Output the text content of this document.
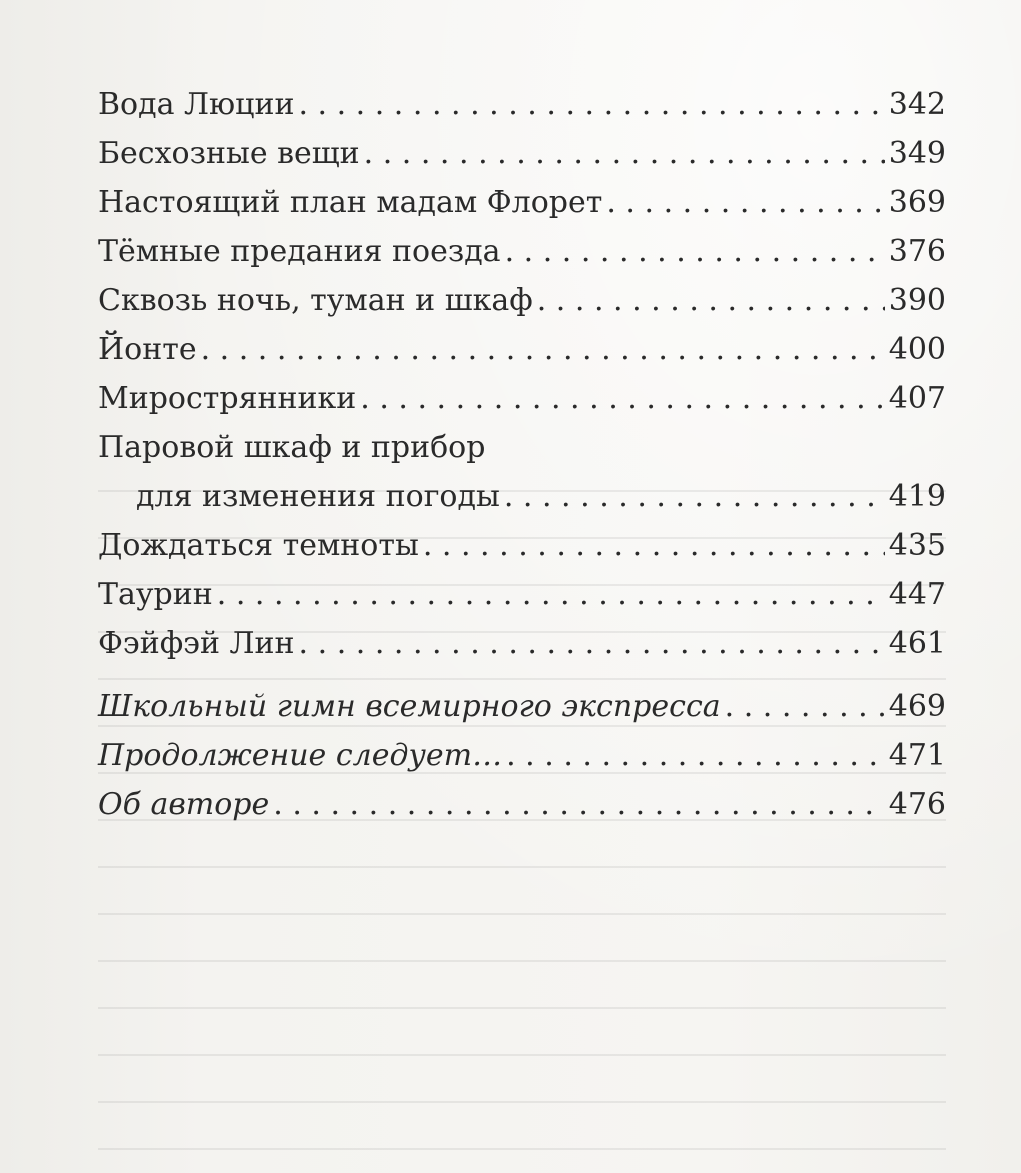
Вода Люции . . .	342
Бесхозные вещи . . .	349
Настоящий план мадам Флорет . . .	369
Тёмные предания поезда . . .	376
Сквозь ночь, туман и шкаф . . .	390
Йонте . . .	400
Мирострянники . . .	407
Паровой шкаф и прибор
для изменения погоды . . .	419
Дождаться темноты . . .	435
Таурин . . .	447
Фэйфэй Лин . . .	461
Школьный гимн всемирного экспресса . . .	469
Продолжение следует… . . .	471
Об авторе . . .	476
